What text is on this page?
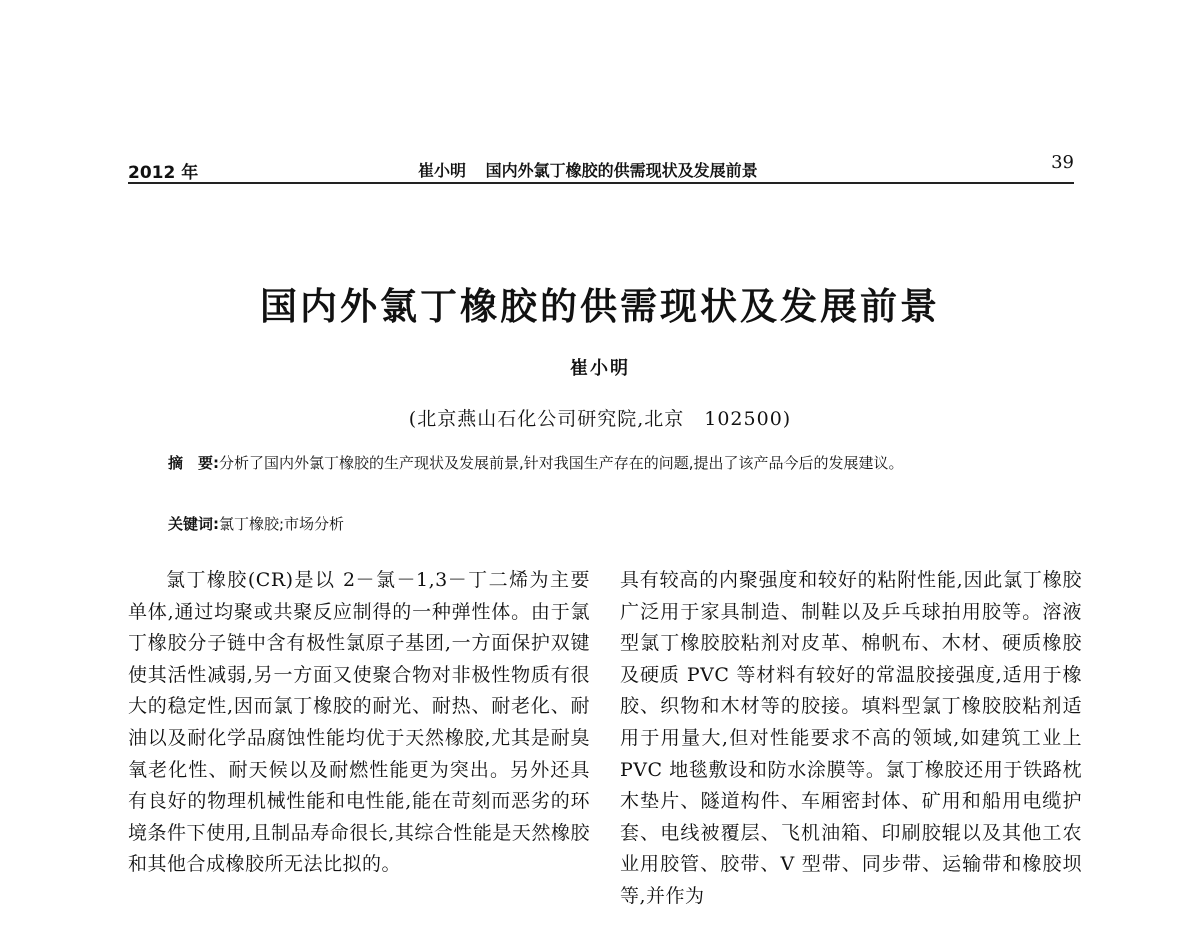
2012 年	崔小明 国内外氯丁橡胶的供需现状及发展前景	39
国内外氯丁橡胶的供需现状及发展前景
崔小明
(北京燕山石化公司研究院,北京　102500)
摘　要:分析了国内外氯丁橡胶的生产现状及发展前景,针对我国生产存在的问题,提出了该产品今后的发展建议。
关键词:氯丁橡胶;市场分析
氯丁橡胶(CR)是以 2－氯－1,3－丁二烯为主要单体,通过均聚或共聚反应制得的一种弹性体。由于氯丁橡胶分子链中含有极性氯原子基团,一方面保护双键使其活性减弱,另一方面又使聚合物对非极性物质有很大的稳定性,因而氯丁橡胶的耐光、耐热、耐老化、耐油以及耐化学品腐蚀性能均优于天然橡胶,尤其是耐臭氧老化性、耐天候以及耐燃性能更为突出。另外还具有良好的物理机械性能和电性能,能在苛刻而恶劣的环境条件下使用,且制品寿命很长,其综合性能是天然橡胶和其他合成橡胶所无法比拟的。
具有较高的内聚强度和较好的粘附性能,因此氯丁橡胶广泛用于家具制造、制鞋以及乒乓球拍用胶等。溶液型氯丁橡胶胶粘剂对皮革、棉帆布、木材、硬质橡胶及硬质 PVC 等材料有较好的常温胶接强度,适用于橡胶、织物和木材等的胶接。填料型氯丁橡胶胶粘剂适用于用量大,但对性能要求不高的领域,如建筑工业上 PVC 地毯敷设和防水涂膜等。氯丁橡胶还用于铁路枕木垫片、隧道构件、车厢密封体、矿用和船用电缆护套、电线被覆层、飞机油箱、印刷胶辊以及其他工农业用胶管、胶带、V 型带、同步带、运输带和橡胶坝等,并作为
